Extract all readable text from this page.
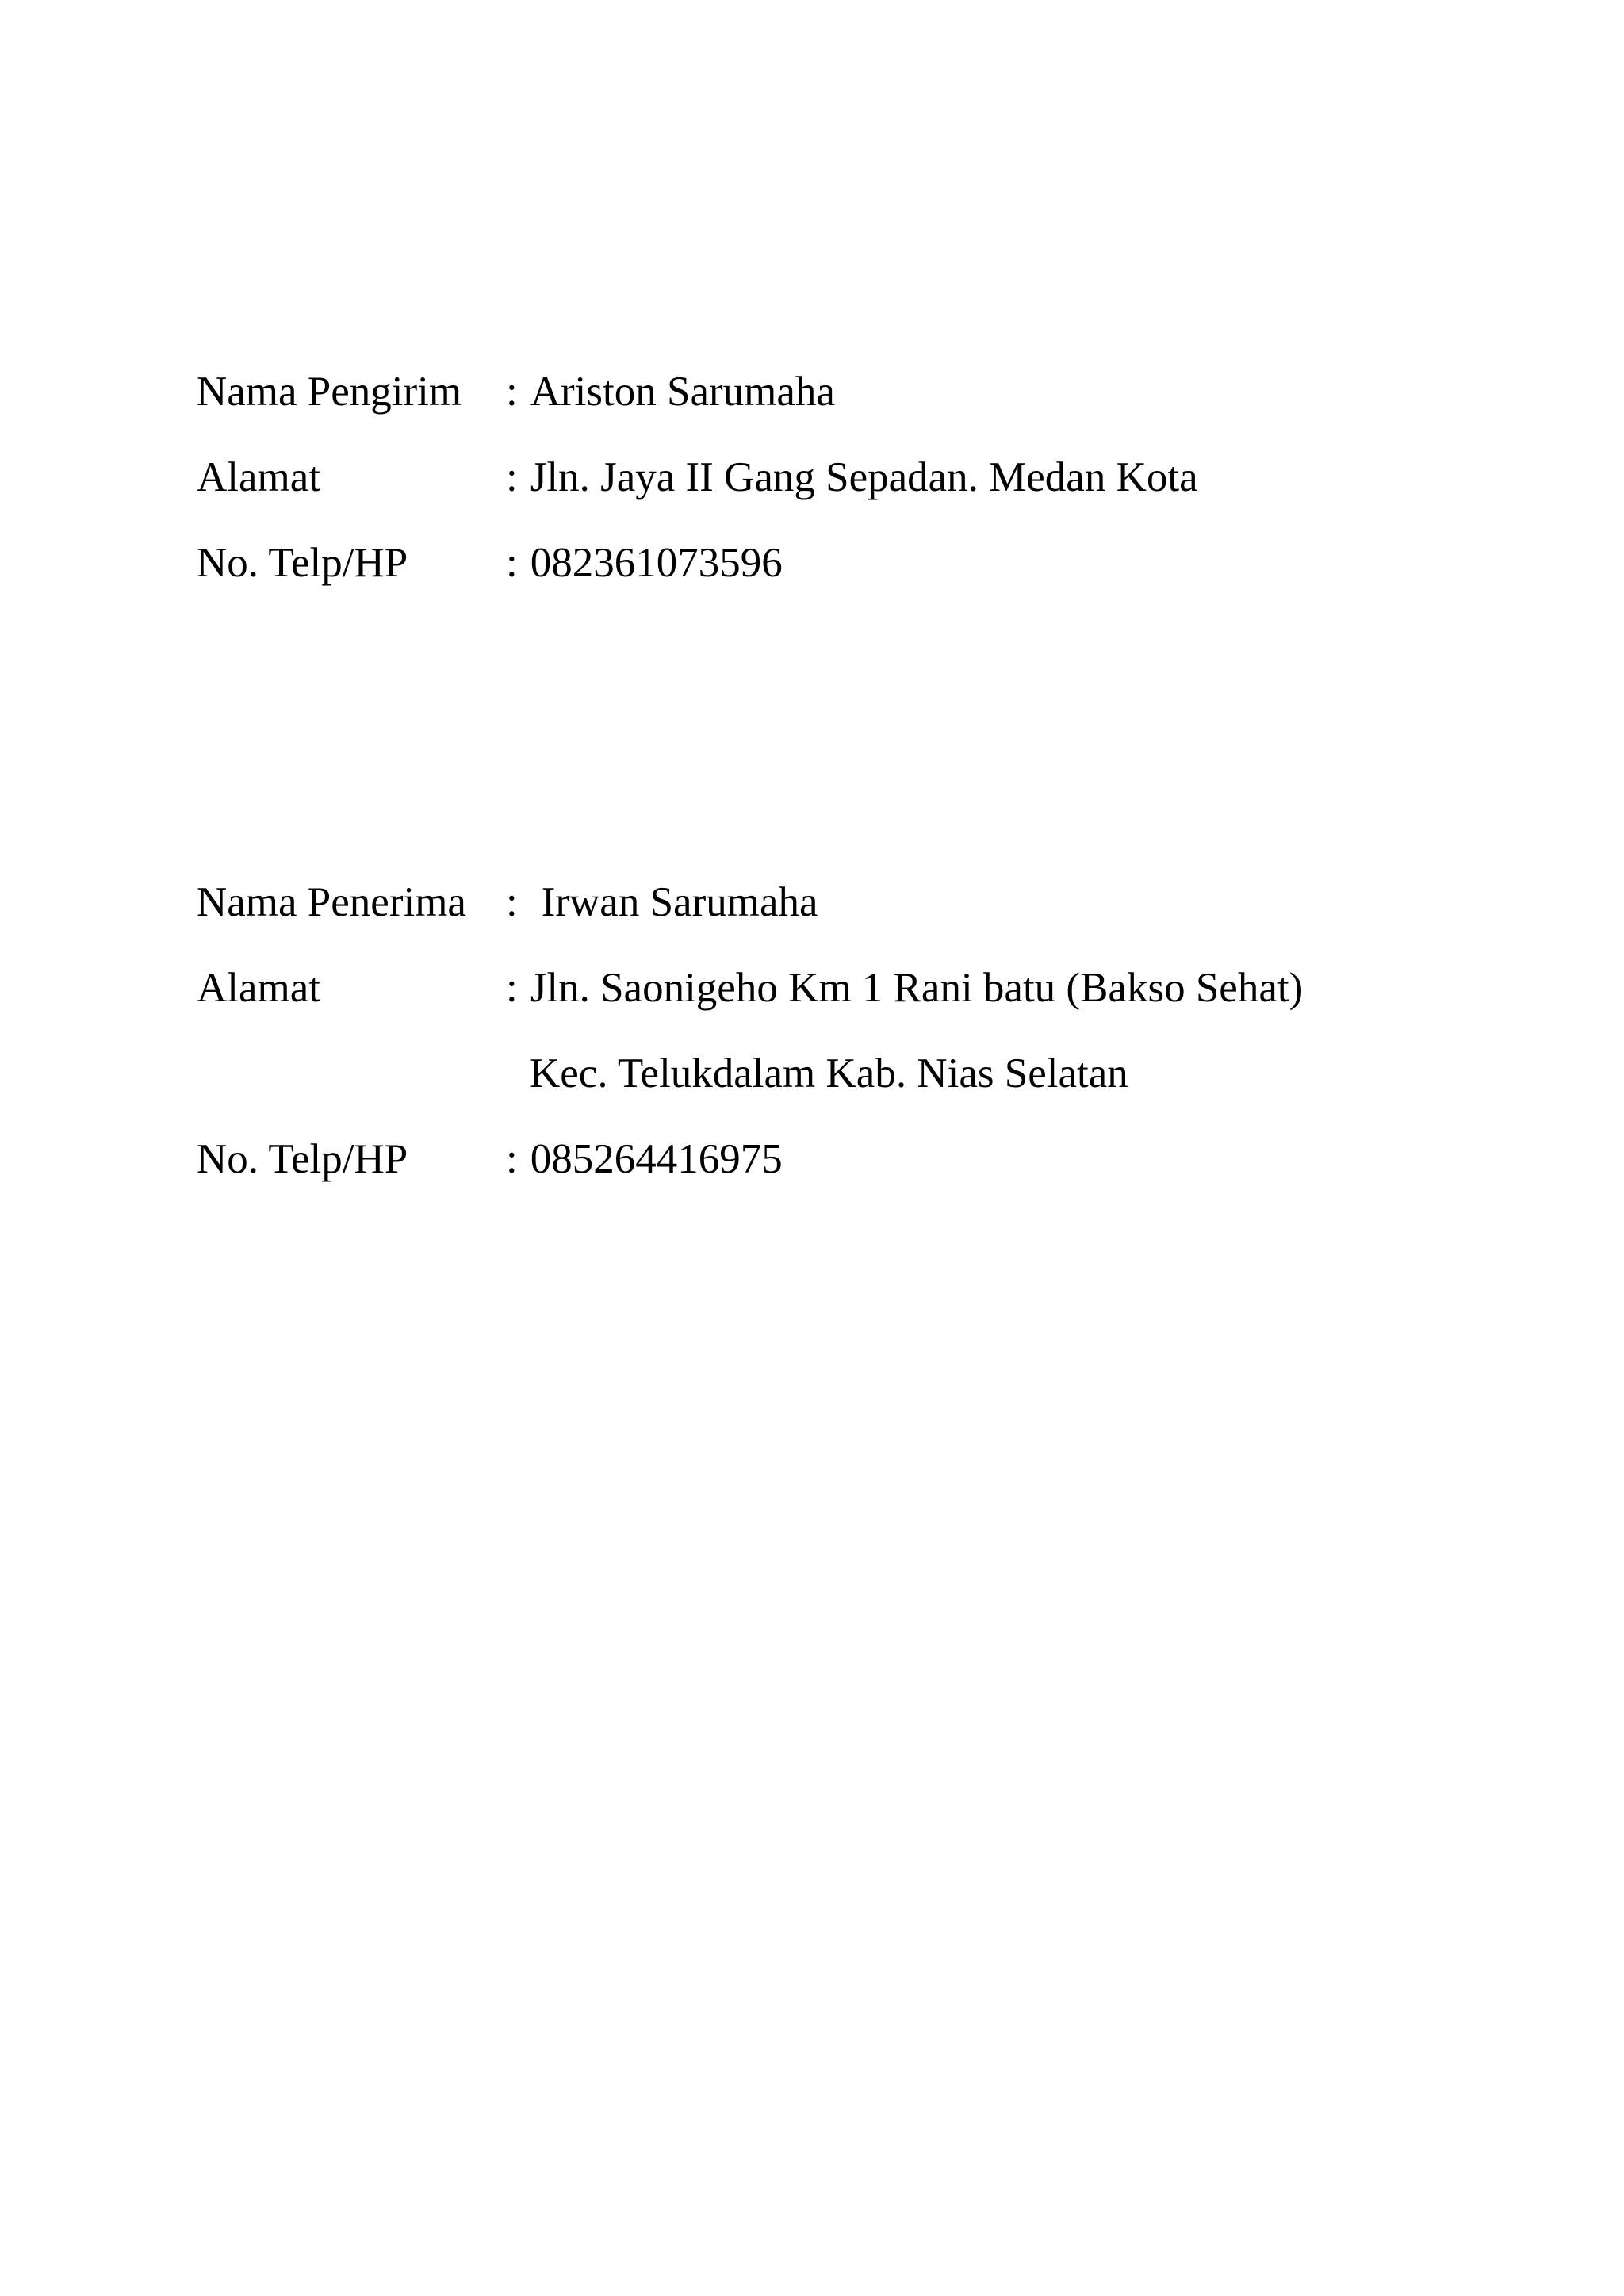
Nama Pengirim	: Ariston Sarumaha
Alamat	: Jln. Jaya II Gang Sepadan. Medan Kota
No. Telp/HP	: 082361073596
Nama Penerima : Irwan Sarumaha
Alamat	: Jln. Saonigeho Km 1 Rani batu (Bakso Sehat)
Kec. Telukdalam Kab. Nias Selatan
No. Telp/HP	: 085264416975
